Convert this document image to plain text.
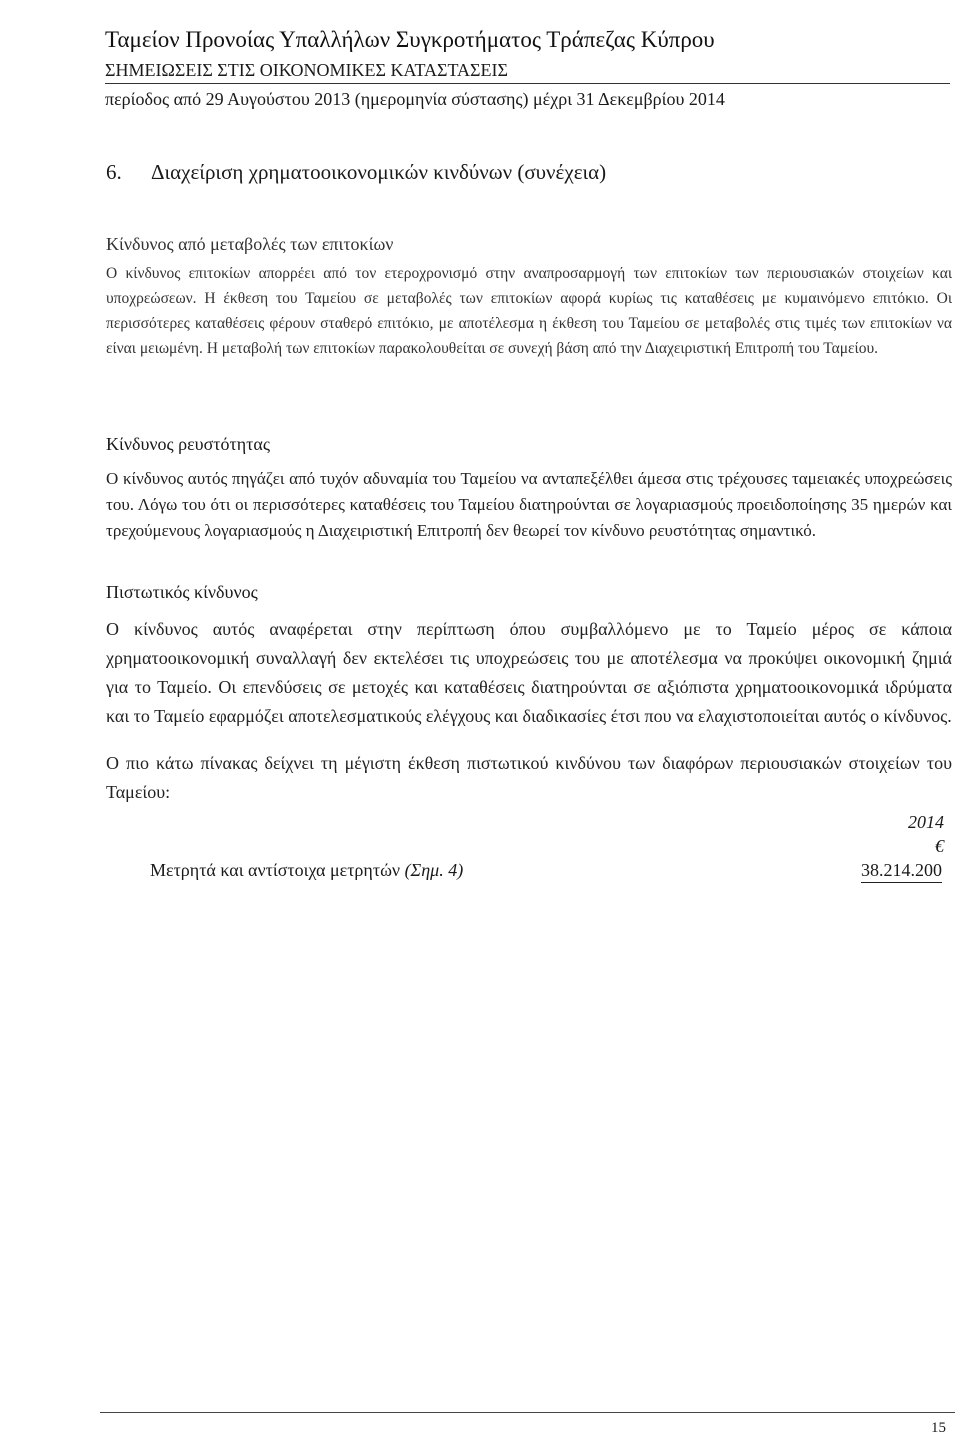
Ταμείον Προνοίας Υπαλλήλων Συγκροτήματος Τράπεζας Κύπρου
ΣΗΜΕΙΩΣΕΙΣ ΣΤΙΣ ΟΙΚΟΝΟΜΙΚΕΣ ΚΑΤΑΣΤΑΣΕΙΣ
περίοδος από 29 Αυγούστου 2013 (ημερομηνία σύστασης) μέχρι 31 Δεκεμβρίου 2014
6. Διαχείριση χρηματοοικονομικών κινδύνων (συνέχεια)
Κίνδυνος από μεταβολές των επιτοκίων

Ο κίνδυνος επιτοκίων απορρέει από τον ετεροχρονισμό στην αναπροσαρμογή των επιτοκίων των περιουσιακών στοιχείων και υποχρεώσεων. Η έκθεση του Ταμείου σε μεταβολές των επιτοκίων αφορά κυρίως τις καταθέσεις με κυμαινόμενο επιτόκιο. Οι περισσότερες καταθέσεις φέρουν σταθερό επιτόκιο, με αποτέλεσμα η έκθεση του Ταμείου σε μεταβολές στις τιμές των επιτοκίων να είναι μειωμένη. Η μεταβολή των επιτοκίων παρακολουθείται σε συνεχή βάση από την Διαχειριστική Επιτροπή του Ταμείου.

Κίνδυνος ρευστότητας

Ο κίνδυνος αυτός πηγάζει από τυχόν αδυναμία του Ταμείου να ανταπεξέλθει άμεσα στις τρέχουσες ταμειακές υποχρεώσεις του. Λόγω του ότι οι περισσότερες καταθέσεις του Ταμείου διατηρούνται σε λογαριασμούς προειδοποίησης 35 ημερών και τρεχούμενους λογαριασμούς η Διαχειριστική Επιτροπή δεν θεωρεί τον κίνδυνο ρευστότητας σημαντικό.

Πιστωτικός κίνδυνος

Ο κίνδυνος αυτός αναφέρεται στην περίπτωση όπου συμβαλλόμενο με το Ταμείο μέρος σε κάποια χρηματοοικονομική συναλλαγή δεν εκτελέσει τις υποχρεώσεις του με αποτέλεσμα να προκύψει οικονομική ζημιά για το Ταμείο. Οι επενδύσεις σε μετοχές και καταθέσεις διατηρούνται σε αξιόπιστα χρηματοοικονομικά ιδρύματα και το Ταμείο εφαρμόζει αποτελεσματικούς ελέγχους και διαδικασίες έτσι που να ελαχιστοποιείται αυτός ο κίνδυνος.

Ο πιο κάτω πίνακας δείχνει τη μέγιστη έκθεση πιστωτικού κινδύνου των διαφόρων περιουσιακών στοιχείων του Ταμείου:

2014
€
Μετρητά και αντίστοιχα μετρητών (Σημ. 4)	38.214.200
15
